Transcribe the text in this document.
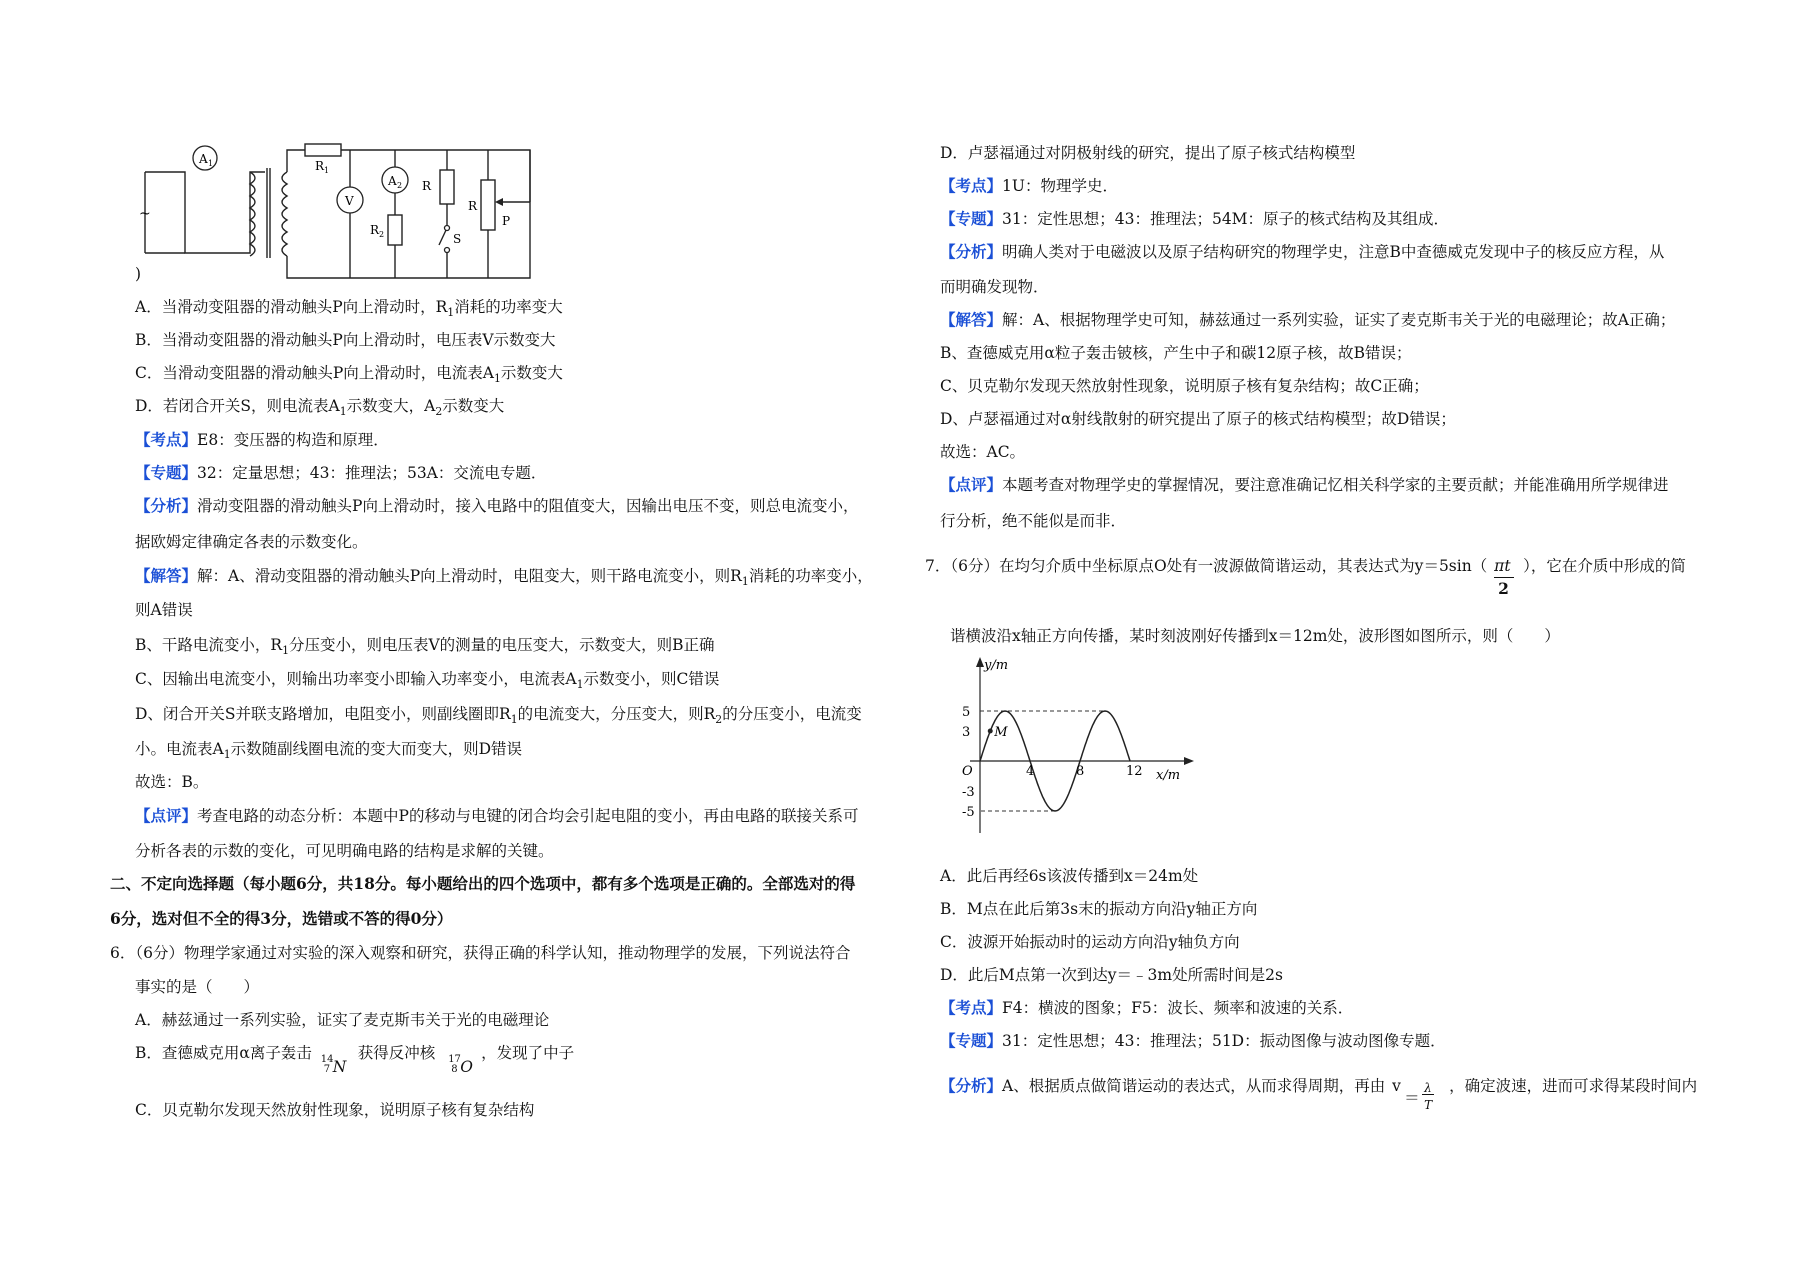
~
A 1	R 1
V
A 2 R
R 2	S
R
P
)
A．当滑动变阻器的滑动触头P向上滑动时，$R_1$消耗的功率变大
B．当滑动变阻器的滑动触头P向上滑动时，电压表V示数变大
C．当滑动变阻器的滑动触头P向上滑动时，电流表$A_1$示数变大
D．若闭合开关S，则电流表$A_1$示数变大，$A_2$示数变大
【考点】E8：变压器的构造和原理．
【专题】32：定量思想；43：推理法；53A：交流电专题．
【分析】滑动变阻器的滑动触头P向上滑动时，接入电路中的阻值变大，因输出电压不变，则总电流变小，
据欧姆定律确定各表的示数变化。
【解答】解：A、滑动变阻器的滑动触头P向上滑动时，电阻变大，则干路电流变小，则$R_1$消耗的功率变小，
则A错误
B、干路电流变小，$R_1$分压变小，则电压表V的测量的电压变大，示数变大，则B正确
C、因输出电流变小，则输出功率变小即输入功率变小，电流表$A_1$示数变小，则C错误
D、闭合开关S并联支路增加，电阻变小，则副线圈即$R_1$的电流变大，分压变大，则$R_2$的分压变小，电流变
小。电流表$A_1$示数随副线圈电流的变大而变大，则D错误
故选：B。
【点评】考查电路的动态分析：本题中P的移动与电键的闭合均会引起电阻的变小，再由电路的联接关系可
分析各表的示数的变化，可见明确电路的结构是求解的关键。
二、不定向选择题（每小题6分，共18分。每小题给出的四个选项中，都有多个选项是正确的。全部选对的得
6分，选对但不全的得3分，选错或不答的得0分）
6．（6分）物理学家通过对实验的深入观察和研究，获得正确的科学认知，推动物理学的发展，下列说法符合
事实的是（　　）
A．赫兹通过一系列实验，证实了麦克斯韦关于光的电磁理论
B．查德威克用α离子轰击 14
7 N
获得反冲核 17
8 O
，发现了中子
C．贝克勒尔发现天然放射性现象，说明原子核有复杂结构
D．卢瑟福通过对阴极射线的研究，提出了原子核式结构模型
【考点】1U：物理学史．
【专题】31：定性思想；43：推理法；54M：原子的核式结构及其组成．
【分析】明确人类对于电磁波以及原子结构研究的物理学史，注意B中查德威克发现中子的核反应方程，从
而明确发现物．
【解答】解：A、根据物理学史可知，赫兹通过一系列实验，证实了麦克斯韦关于光的电磁理论；故A正确；
B、查德威克用α粒子轰击铍核，产生中子和碳12原子核，故B错误；
C、贝克勒尔发现天然放射性现象，说明原子核有复杂结构；故C正确；
D、卢瑟福通过对α射线散射的研究提出了原子的核式结构模型；故D错误；
故选：AC。
【点评】本题考查对物理学史的掌握情况，要注意准确记忆相关科学家的主要贡献；并能准确用所学规律进
行分析，绝不能似是而非．
7．（6分）在均匀介质中坐标原点O处有一波源做简谐运动，其表达式为$y=5\sin( \frac{\pi t}{2}$ ），它在介质中形成的简
谐横波沿x轴正方向传播，某时刻波刚好传播到x＝12m处，波形图如图所示，则（　　）
y/m
x/m
O
M
5
3
-3
-5
4	8	12
A．此后再经6s该波传播到x＝24m处
B．M点在此后第3s末的振动方向沿y轴正方向
C．波源开始振动时的运动方向沿y轴负方向
D．此后M点第一次到达y＝﹣3m处所需时间是2s
【考点】F4：横波的图象；F5：波长、频率和波速的关系．
【专题】31：定性思想；43：推理法；51D：振动图像与波动图像专题．
【分析】A、根据质点做简谐运动的表达式，从而求得周期，再由 v
＝
λ
T
，确定波速，进而可求得某段时间内
